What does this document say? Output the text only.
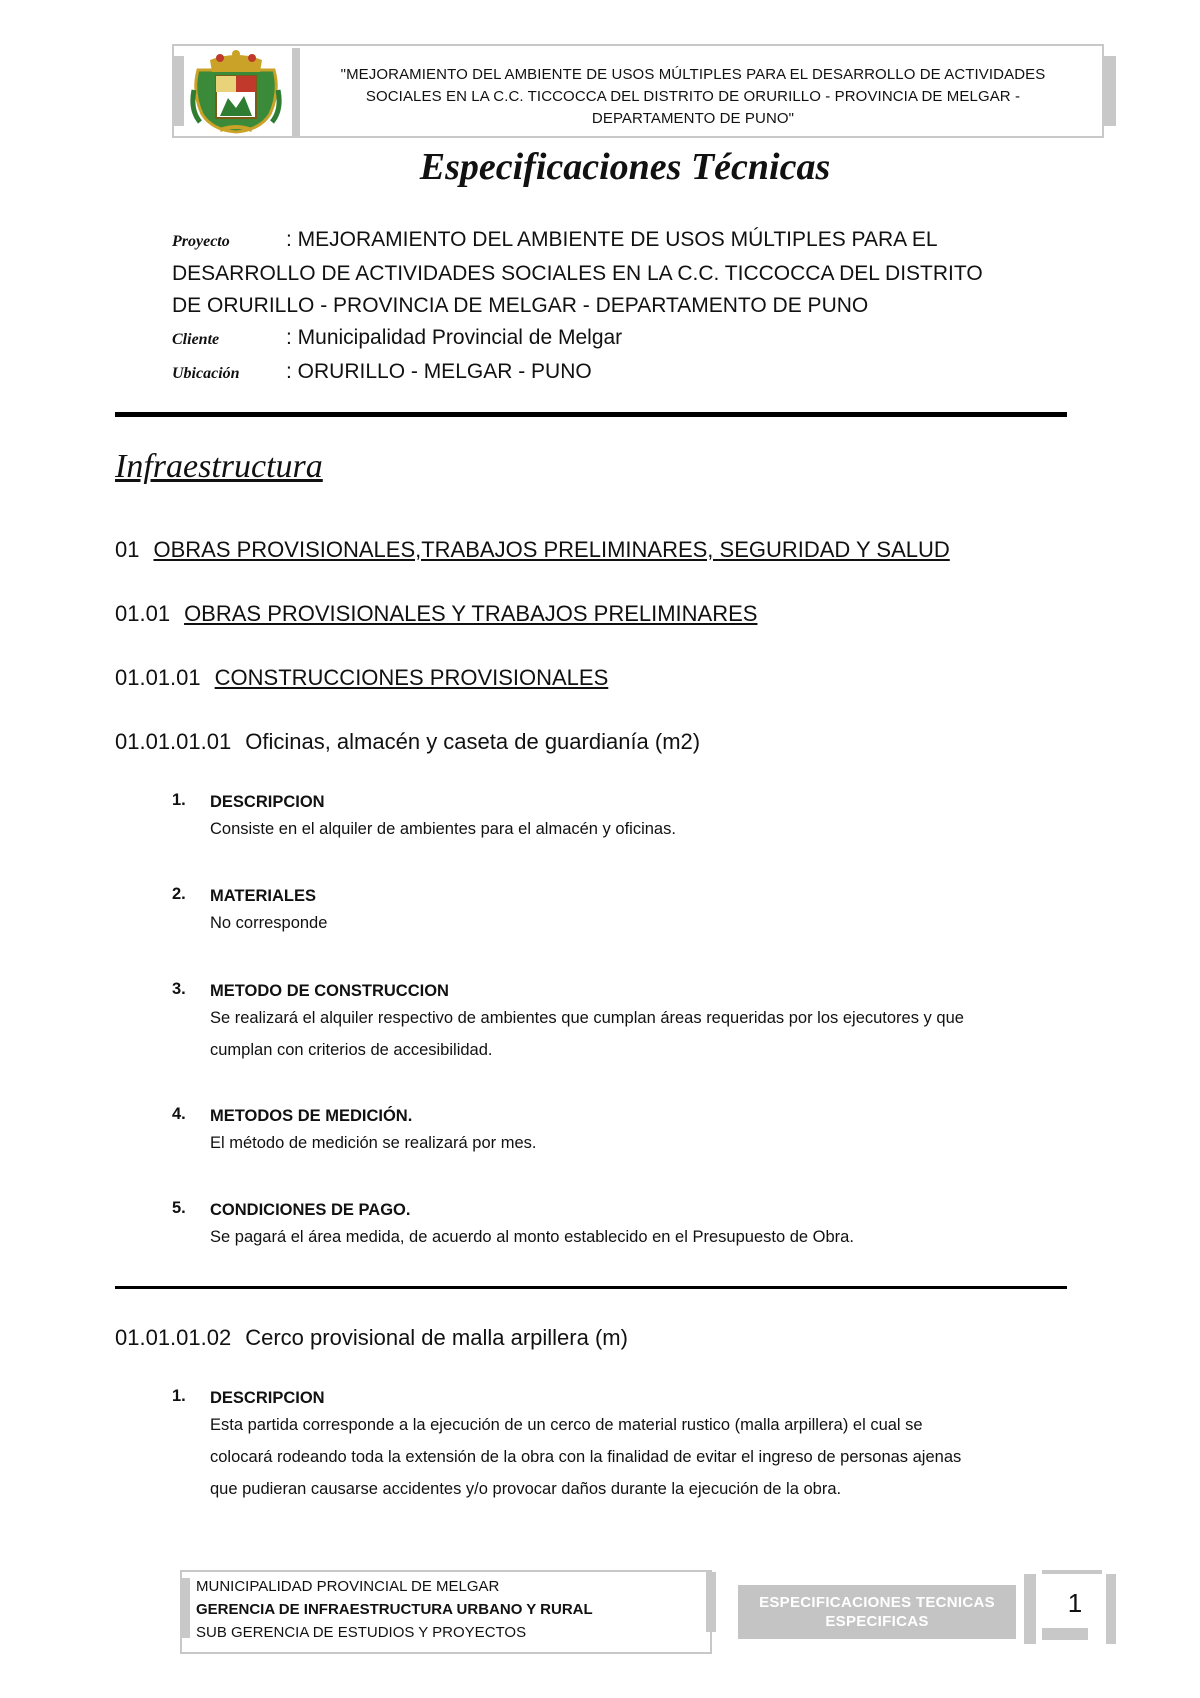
"MEJORAMIENTO DEL AMBIENTE DE USOS MÚLTIPLES PARA EL DESARROLLO DE ACTIVIDADES
SOCIALES EN LA C.C. TICCOCCA DEL DISTRITO DE ORURILLO - PROVINCIA DE MELGAR -
DEPARTAMENTO DE PUNO"
Especificaciones Técnicas
Proyecto	: MEJORAMIENTO DEL AMBIENTE DE USOS MÚLTIPLES PARA EL
DESARROLLO DE ACTIVIDADES SOCIALES EN LA C.C. TICCOCCA DEL DISTRITO
DE ORURILLO - PROVINCIA DE MELGAR - DEPARTAMENTO DE PUNO
Cliente	: Municipalidad Provincial de Melgar
Ubicación : ORURILLO - MELGAR - PUNO
Infraestructura
01 OBRAS PROVISIONALES,TRABAJOS PRELIMINARES, SEGURIDAD Y SALUD
01.01 OBRAS PROVISIONALES Y TRABAJOS PRELIMINARES
01.01.01 CONSTRUCCIONES PROVISIONALES
01.01.01.01 Oficinas, almacén y caseta de guardianía (m2)
1. DESCRIPCION
Consiste en el alquiler de ambientes para el almacén y oficinas.
2. MATERIALES
No corresponde
3. METODO DE CONSTRUCCION
Se realizará el alquiler respectivo de ambientes que cumplan áreas requeridas por los ejecutores y que
cumplan con criterios de accesibilidad.
4. METODOS DE MEDICIÓN.
El método de medición se realizará por mes.
5. CONDICIONES DE PAGO.
Se pagará el área medida, de acuerdo al monto establecido en el Presupuesto de Obra.
01.01.01.02 Cerco provisional de malla arpillera (m)
1. DESCRIPCION
Esta partida corresponde a la ejecución de un cerco de material rustico (malla arpillera) el cual se
colocará rodeando toda la extensión de la obra con la finalidad de evitar el ingreso de personas ajenas
que pudieran causarse accidentes y/o provocar daños durante la ejecución de la obra.
MUNICIPALIDAD PROVINCIAL DE MELGAR
GERENCIA DE INFRAESTRUCTURA URBANO Y RURAL
SUB GERENCIA DE ESTUDIOS Y PROYECTOS
ESPECIFICACIONES TECNICAS
ESPECIFICAS
1
